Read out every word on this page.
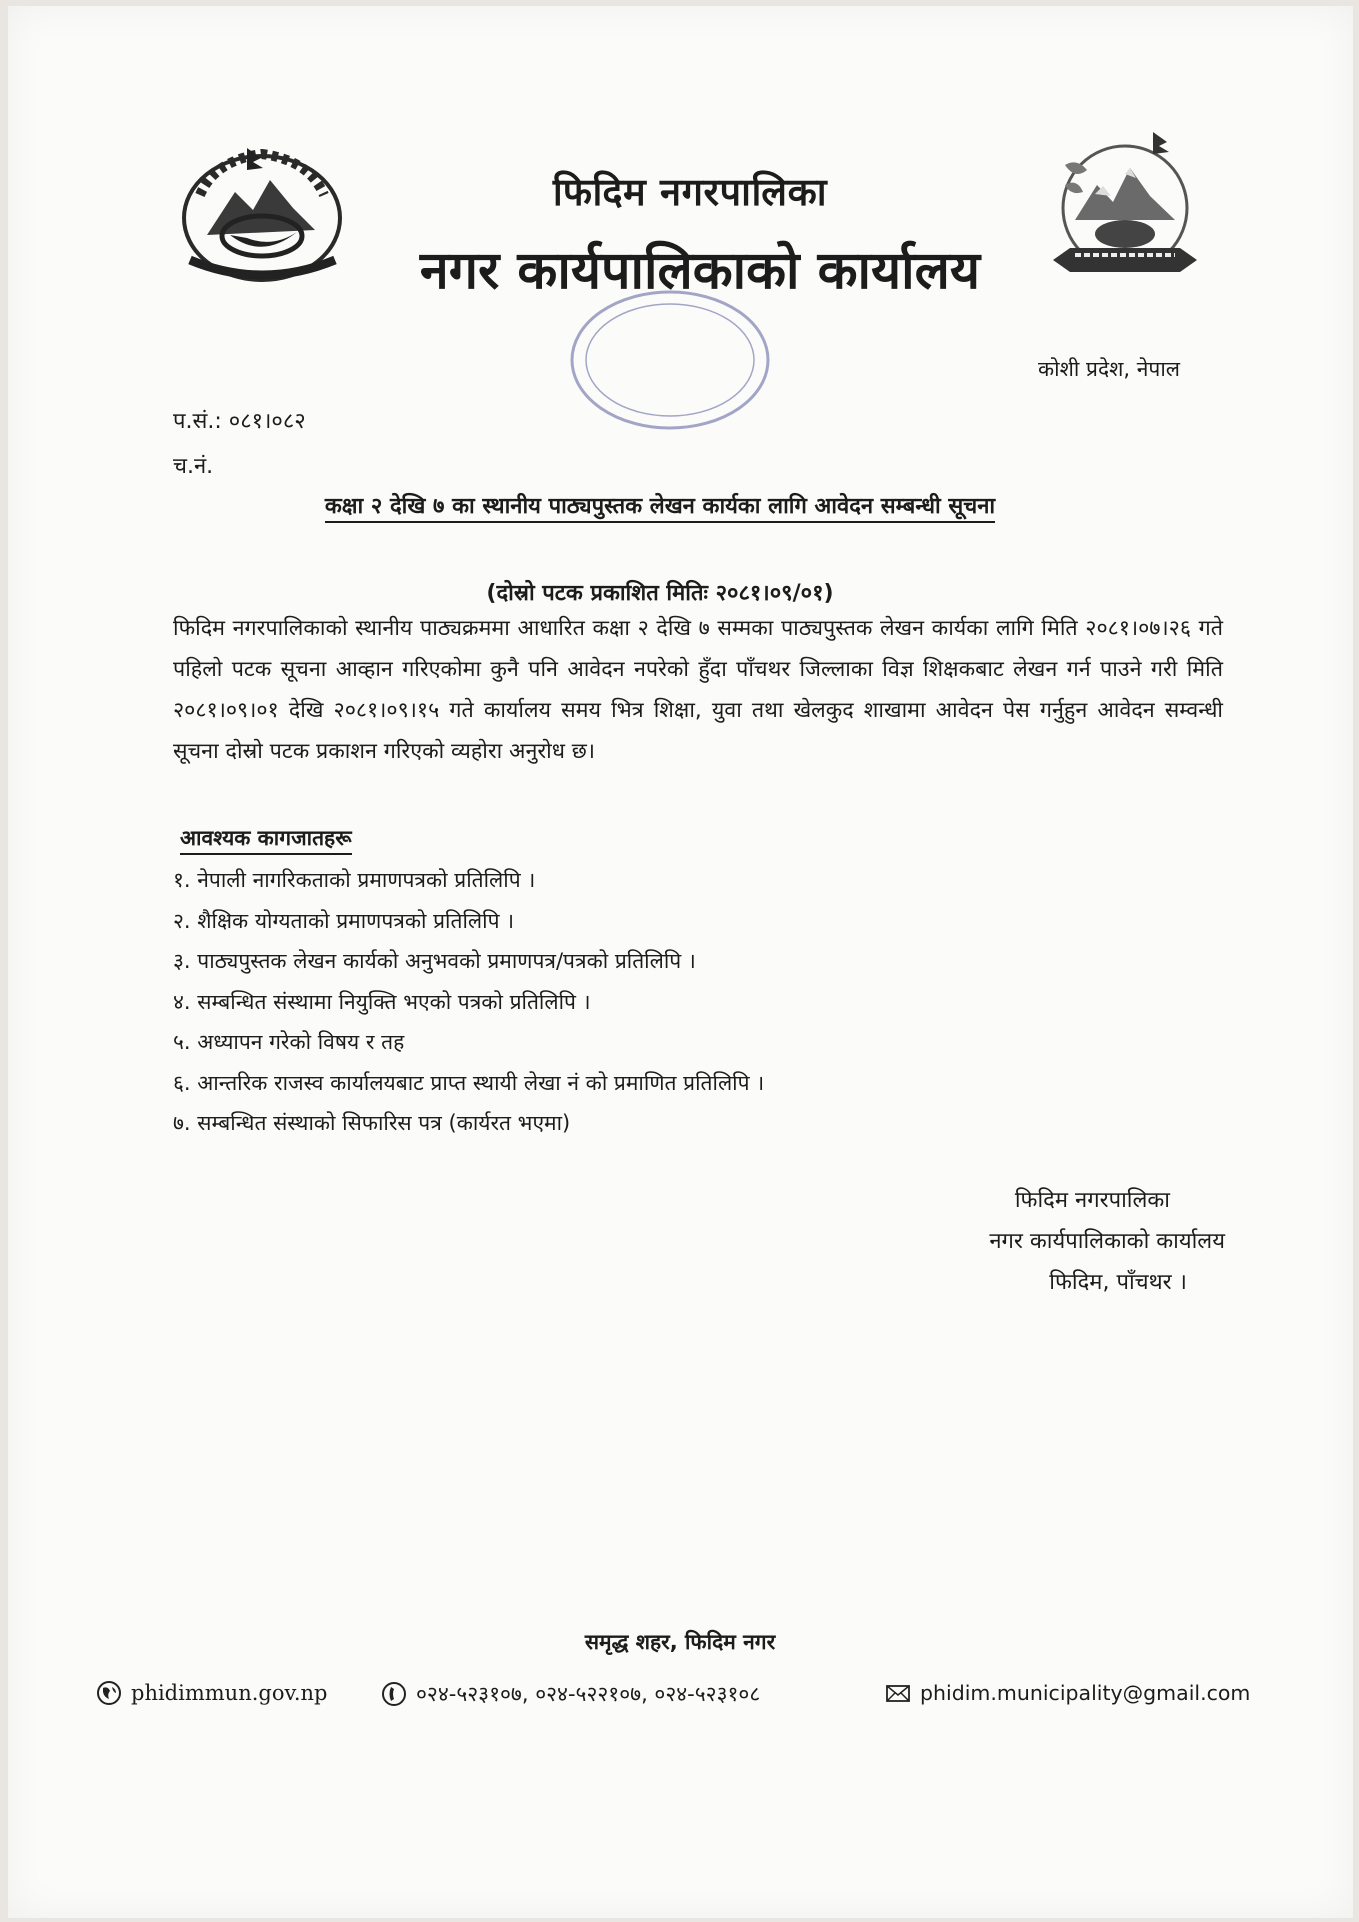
फिदिम नगरपालिका
नगर कार्यपालिकाको कार्यालय
कोशी प्रदेश, नेपाल
प.सं.: ०८१।०८२
च.नं.
कक्षा २ देखि ७ का स्थानीय पाठ्यपुस्तक लेखन कार्यका लागि आवेदन सम्बन्धी सूचना
(दोस्रो पटक प्रकाशित मितिः २०८१।०९/०१)
फिदिम नगरपालिकाको स्थानीय पाठ्यक्रममा आधारित कक्षा २ देखि ७ सम्मका पाठ्यपुस्तक लेखन कार्यका लागि मिति २०८१।०७।२६ गते पहिलो पटक सूचना आव्हान गरिएकोमा कुनै पनि आवेदन नपरेको हुँदा पाँचथर जिल्लाका विज्ञ शिक्षकबाट लेखन गर्न पाउने गरी मिति २०८१।०९।०१ देखि २०८१।०९।१५ गते कार्यालय समय भित्र शिक्षा, युवा तथा खेलकुद शाखामा आवेदन पेस गर्नुहुन आवेदन सम्वन्धी सूचना दोस्रो पटक प्रकाशन गरिएको व्यहोरा अनुरोध छ।
आवश्यक कागजातहरू
१. नेपाली नागरिकताको प्रमाणपत्रको प्रतिलिपि ।
२. शैक्षिक योग्यताको प्रमाणपत्रको प्रतिलिपि ।
३. पाठ्यपुस्तक लेखन कार्यको अनुभवको प्रमाणपत्र/पत्रको प्रतिलिपि ।
४. सम्बन्धित संस्थामा नियुक्ति भएको पत्रको प्रतिलिपि ।
५. अध्यापन गरेको विषय र तह
६. आन्तरिक राजस्व कार्यालयबाट प्राप्त स्थायी लेखा नं को प्रमाणित प्रतिलिपि ।
७. सम्बन्धित संस्थाको सिफारिस पत्र (कार्यरत भएमा)
फिदिम नगरपालिका
नगर कार्यपालिकाको कार्यालय
फिदिम, पाँचथर ।
समृद्ध शहर, फिदिम नगर
phidimmun.gov.np	०२४-५२३१०७, ०२४-५२२१०७, ०२४-५२३१०८	phidim.municipality@gmail.com
